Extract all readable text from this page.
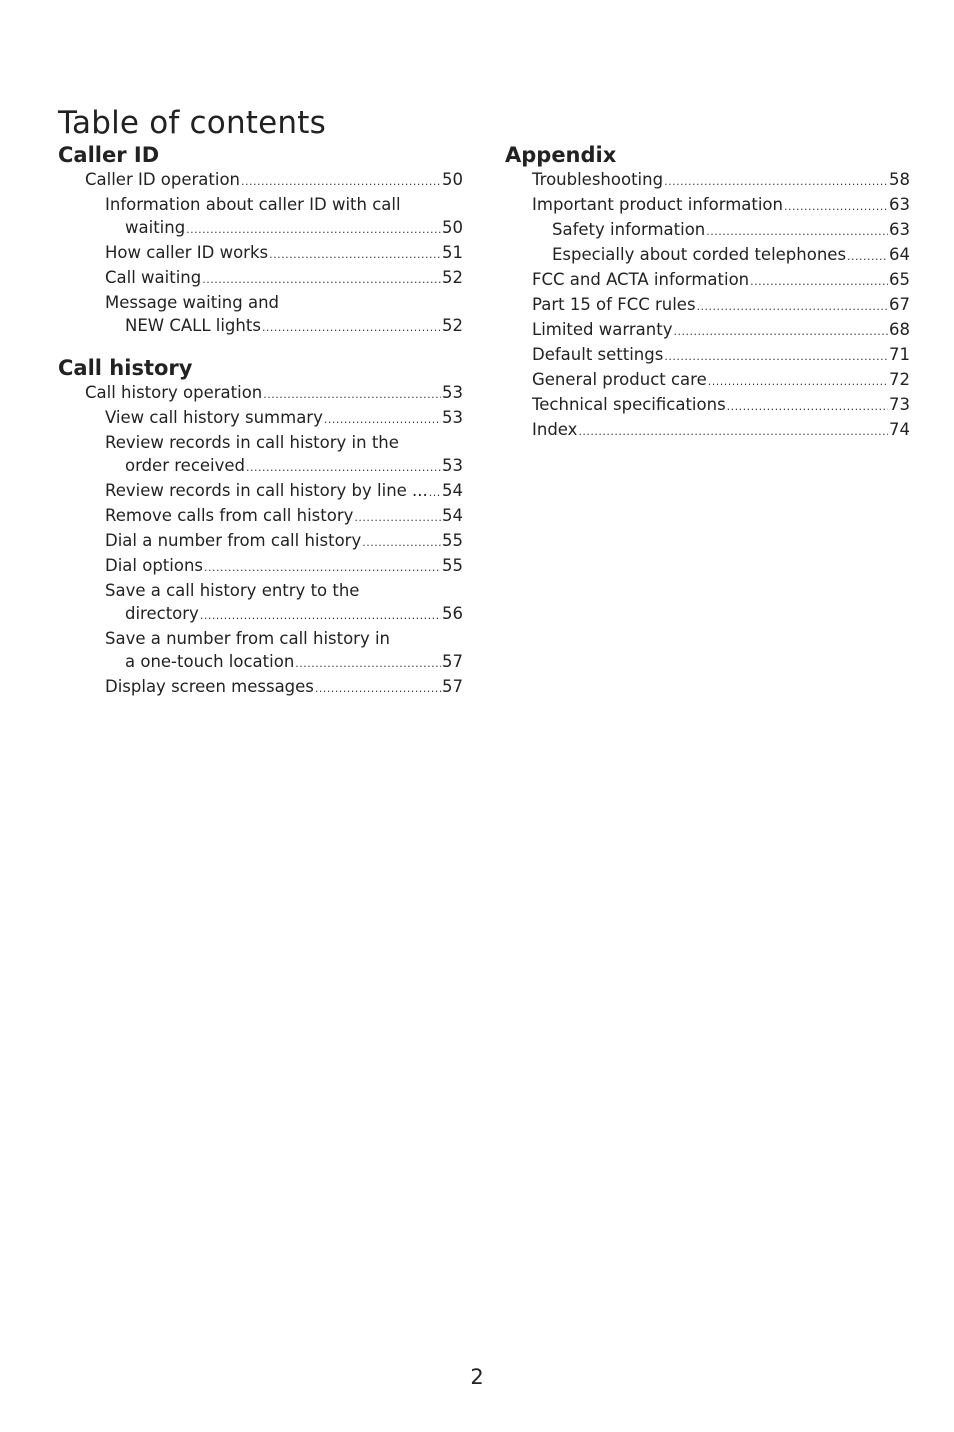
Table of contents
Caller ID
Caller ID operation .....	50
Information about caller ID with call
waiting .....	50
How caller ID works .....	51
Call waiting .....	52
Message waiting and
NEW CALL lights .....	52
Call history
Call history operation .....	53
View call history summary .....	53
Review records in call history in the
order received .....	53
Review records in call history by line ... ..... 54
Remove calls from call history .....	54
Dial a number from call history .....	55
Dial options .....	55
Save a call history entry to the
directory .....	56
Save a number from call history in
a one-touch location .....	57
Display screen messages .....	57
Appendix
Troubleshooting .....	58
Important product information .....	63
Safety information .....	63
Especially about corded telephones .....	64
FCC and ACTA information .....	65
Part 15 of FCC rules .....	67
Limited warranty .....	68
Default settings .....	71
General product care .....	72
Technical specifications .....	73
Index .....	74
2
